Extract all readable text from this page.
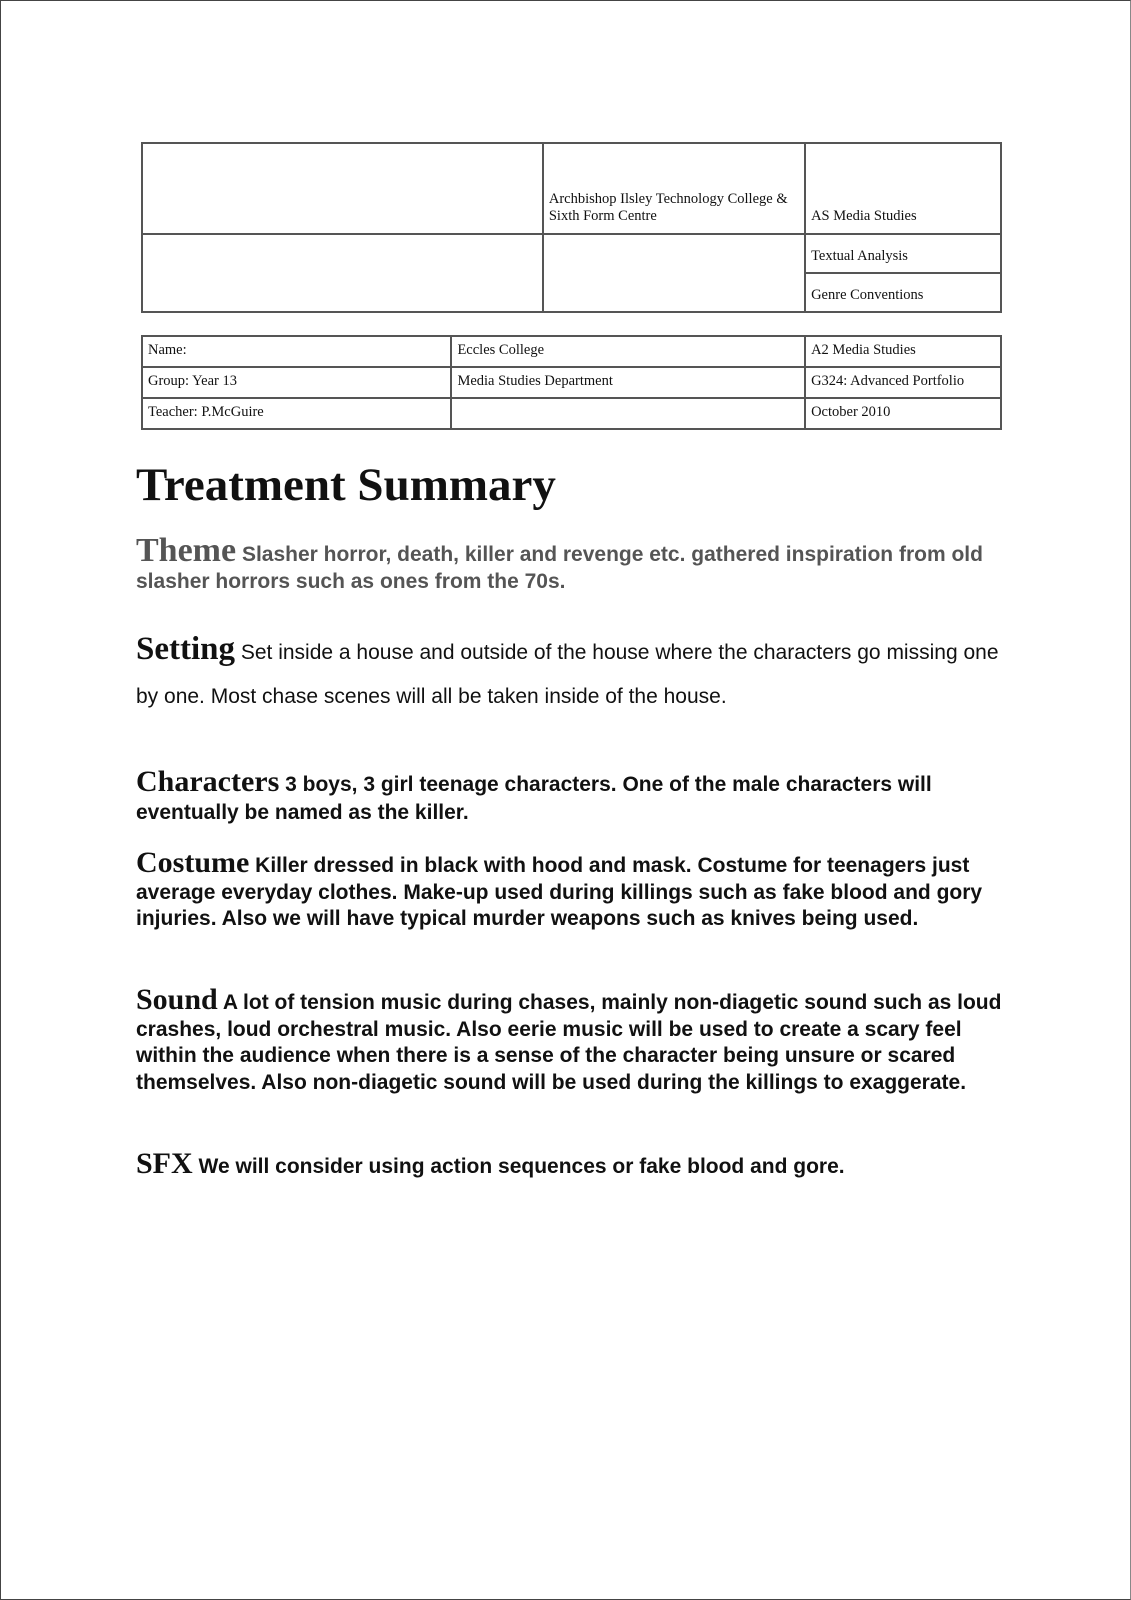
	Archbishop Ilsley Technology College & Sixth Form Centre	AS Media Studies
		Textual Analysis
		Genre Conventions
Name:	Eccles College	A2 Media Studies
Group: Year 13	Media Studies Department	G324: Advanced Portfolio
Teacher: P.McGuire		October 2010
Treatment Summary

Theme Slasher horror, death, killer and revenge etc. gathered inspiration from old slasher horrors such as ones from the 70s.

Setting Set inside a house and outside of the house where the characters go missing one by one. Most chase scenes will all be taken inside of the house.

Characters 3 boys, 3 girl teenage characters. One of the male characters will eventually be named as the killer.

Costume Killer dressed in black with hood and mask. Costume for teenagers just average everyday clothes. Make-up used during killings such as fake blood and gory injuries. Also we will have typical murder weapons such as knives being used.

Sound A lot of tension music during chases, mainly non-diagetic sound such as loud crashes, loud orchestral music. Also eerie music will be used to create a scary feel within the audience when there is a sense of the character being unsure or scared themselves. Also non-diagetic sound will be used during the killings to exaggerate.

SFX We will consider using action sequences or fake blood and gore.
